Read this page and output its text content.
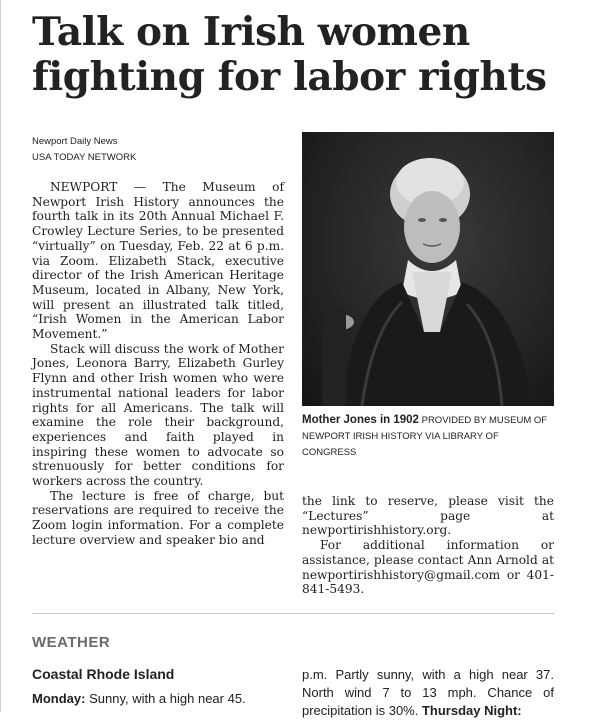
Talk on Irish women fighting for labor rights
Newport Daily News
USA TODAY NETWORK

NEWPORT — The Museum of Newport Irish History announces the fourth talk in its 20th Annual Michael F. Crowley Lecture Series, to be presented “virtually” on Tuesday, Feb. 22 at 6 p.m. via Zoom. Elizabeth Stack, executive director of the Irish American Heritage Museum, located in Albany, New York, will present an illustrated talk titled, “Irish Women in the American Labor Movement.”

Stack will discuss the work of Mother Jones, Leonora Barry, Elizabeth Gurley Flynn and other Irish women who were instrumental national leaders for labor rights for all Americans. The talk will examine the role their background, experiences and faith played in inspiring these women to advocate so strenuously for better conditions for workers across the country.

The lecture is free of charge, but reservations are required to receive the Zoom login information. For a complete lecture overview and speaker bio and

Mother Jones in 1902 PROVIDED BY MUSEUM OF NEWPORT IRISH HISTORY VIA LIBRARY OF CONGRESS

the link to reserve, please visit the “Lectures” page at newportirishhistory.org.

For additional information or assistance, please contact Ann Arnold at newportirishhistory@gmail.com or 401-841-5493.

WEATHER
Coastal Rhode Island
Monday: Sunny, with a high near 45.
p.m. Partly sunny, with a high near 37. North wind 7 to 13 mph. Chance of precipitation is 30%. Thursday Night:
